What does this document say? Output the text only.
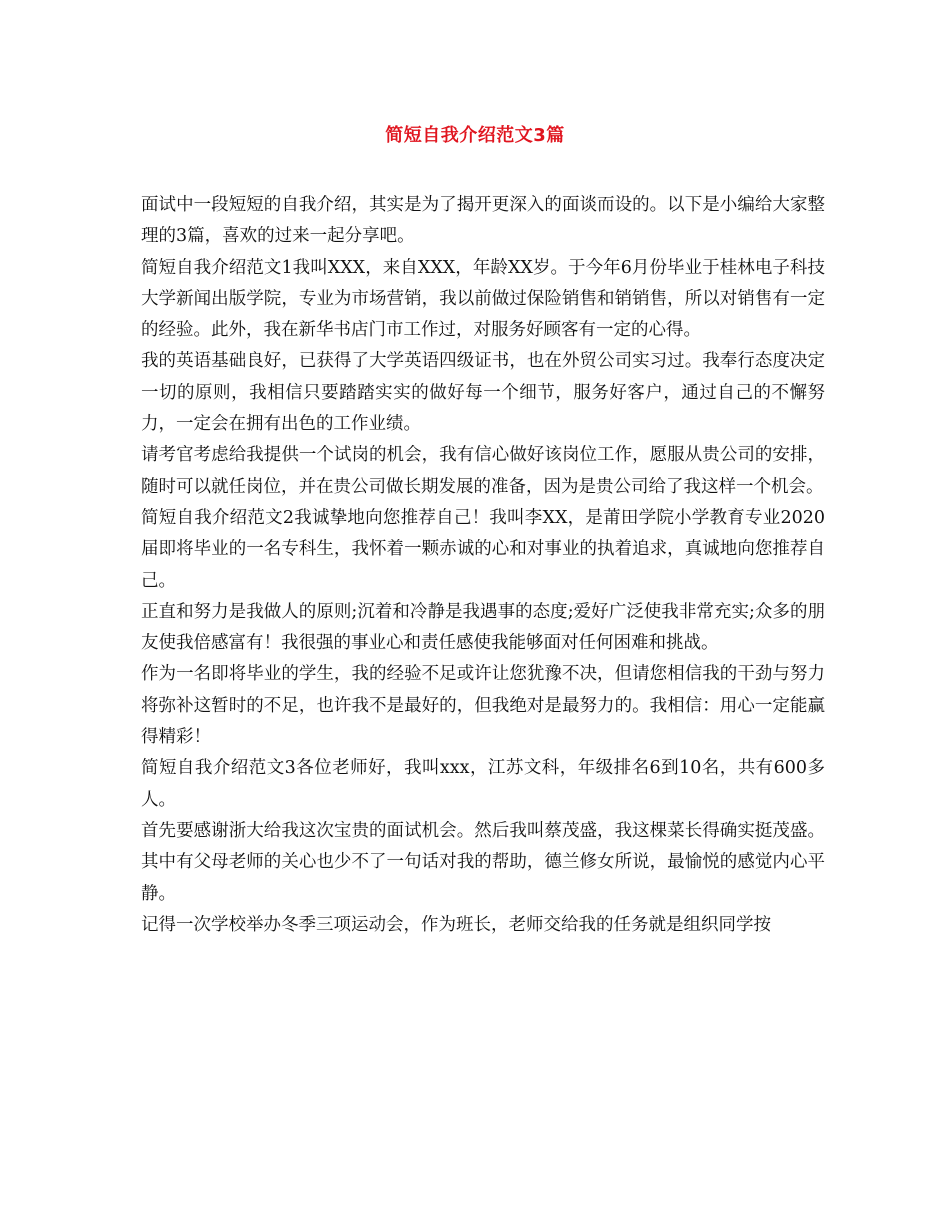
简短自我介绍范文3篇

面试中一段短短的自我介绍，其实是为了揭开更深入的面谈而设的。以下是小编给大家整理的3篇，喜欢的过来一起分享吧。

简短自我介绍范文1我叫XXX，来自XXX，年龄XX岁。于今年6月份毕业于桂林电子科技大学新闻出版学院，专业为市场营销，我以前做过保险销售和销销售，所以对销售有一定的经验。此外，我在新华书店门市工作过，对服务好顾客有一定的心得。

我的英语基础良好，已获得了大学英语四级证书，也在外贸公司实习过。我奉行态度决定一切的原则，我相信只要踏踏实实的做好每一个细节，服务好客户，通过自己的不懈努力，一定会在拥有出色的工作业绩。

请考官考虑给我提供一个试岗的机会，我有信心做好该岗位工作，愿服从贵公司的安排，随时可以就任岗位，并在贵公司做长期发展的准备，因为是贵公司给了我这样一个机会。

简短自我介绍范文2我诚挚地向您推荐自己！我叫李XX，是莆田学院小学教育专业2020届即将毕业的一名专科生，我怀着一颗赤诚的心和对事业的执着追求，真诚地向您推荐自己。

正直和努力是我做人的原则;沉着和冷静是我遇事的态度;爱好广泛使我非常充实;众多的朋友使我倍感富有！我很强的事业心和责任感使我能够面对任何困难和挑战。

作为一名即将毕业的学生，我的经验不足或许让您犹豫不决，但请您相信我的干劲与努力将弥补这暂时的不足，也许我不是最好的，但我绝对是最努力的。我相信：用心一定能赢得精彩！

简短自我介绍范文3各位老师好，我叫xxx，江苏文科，年级排名6到10名，共有600多人。

首先要感谢浙大给我这次宝贵的面试机会。然后我叫蔡茂盛，我这棵菜长得确实挺茂盛。其中有父母老师的关心也少不了一句话对我的帮助，德兰修女所说，最愉悦的感觉内心平静。

记得一次学校举办冬季三项运动会，作为班长，老师交给我的任务就是组织同学按
